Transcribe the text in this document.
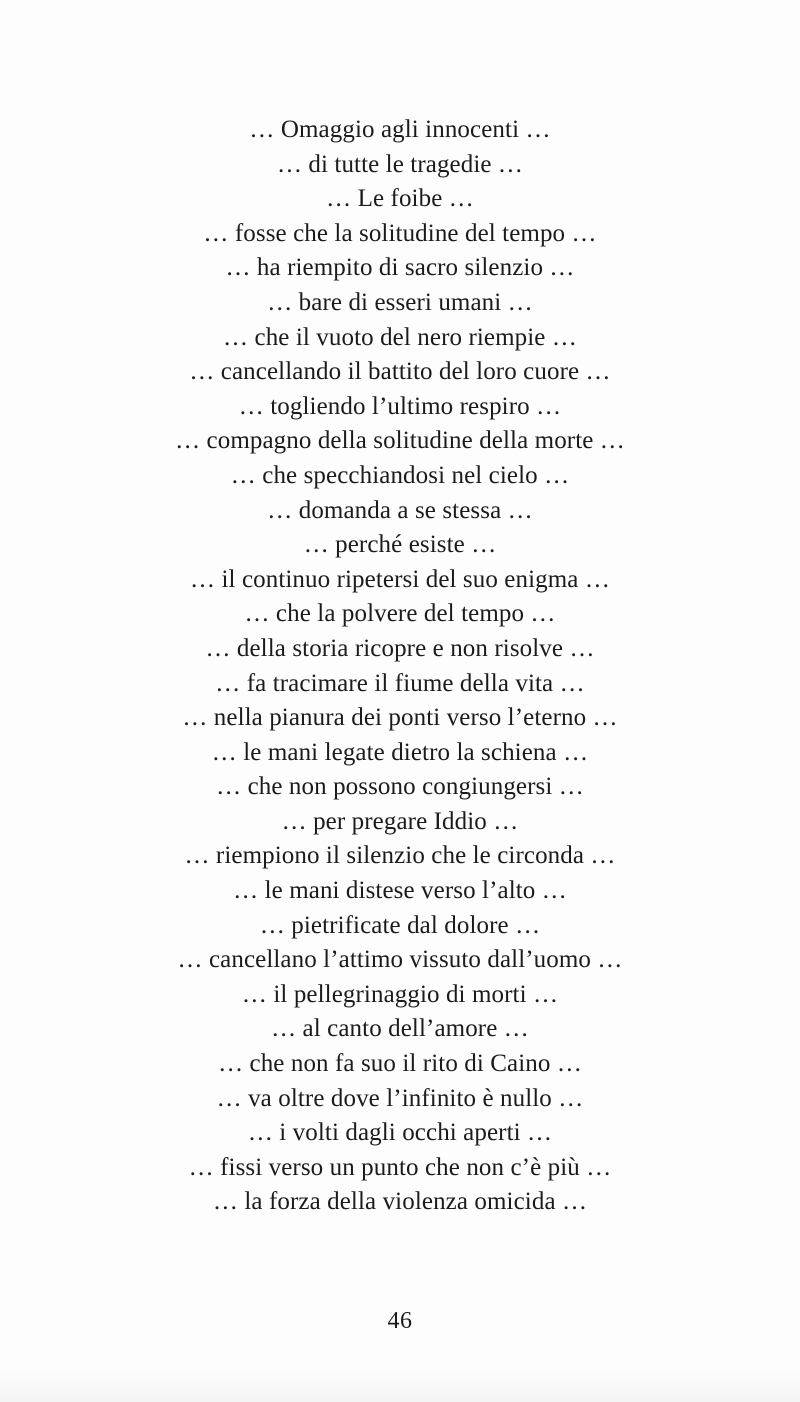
… Omaggio agli innocenti …
… di tutte le tragedie …
… Le foibe …
… fosse che la solitudine del tempo …
… ha riempito di sacro silenzio …
… bare di esseri umani …
… che il vuoto del nero riempie …
… cancellando il battito del loro cuore …
… togliendo l’ultimo respiro …
… compagno della solitudine della morte …
… che specchiandosi nel cielo …
… domanda a se stessa …
… perché esiste …
… il continuo ripetersi del suo enigma …
… che la polvere del tempo …
… della storia ricopre e non risolve …
… fa tracimare il fiume della vita …
… nella pianura dei ponti verso l’eterno …
… le mani legate dietro la schiena …
… che non possono congiungersi …
… per pregare Iddio …
… riempiono il silenzio che le circonda …
… le mani distese verso l’alto …
… pietrificate dal dolore …
… cancellano l’attimo vissuto dall’uomo …
… il pellegrinaggio di morti …
… al canto dell’amore …
… che non fa suo il rito di Caino …
… va oltre dove l’infinito è nullo …
… i volti dagli occhi aperti …
… fissi verso un punto che non c’è più …
… la forza della violenza omicida …
46
